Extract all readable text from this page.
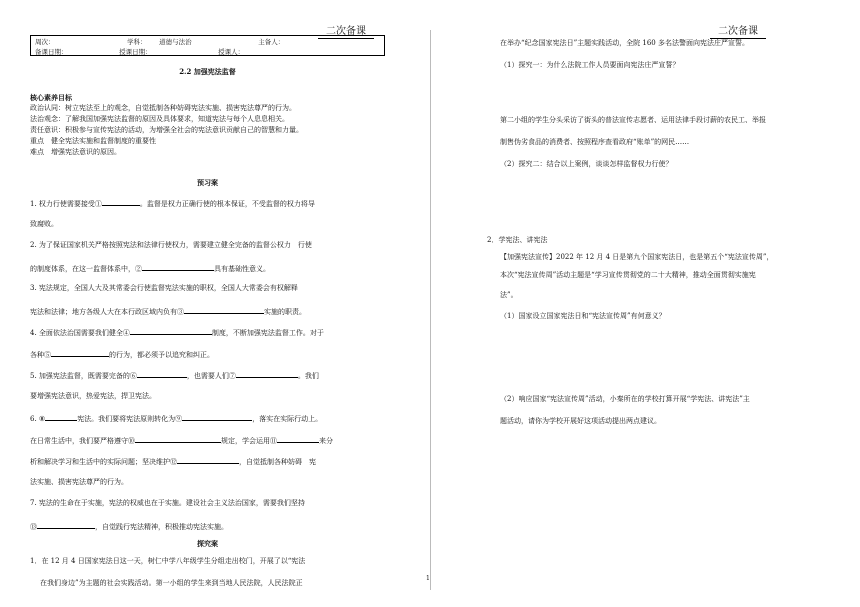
二次备课	二次备课
周次：	学科： 道德与法治	主备人：
备课日期：	授课日期：	授课人：
2.2 加强宪法监督
核心素养目标
政治认同：树立宪法至上的观念，自觉抵制各种妨碍宪法实施、损害宪法尊严的行为。
法治观念：了解我国加强宪法监督的原因及具体要求，知道宪法与每个人息息相关。
责任意识：积极参与宣传宪法的活动，为增强全社会的宪法意识贡献自己的智慧和力量。
重点　健全宪法实施和监督制度的重要性
难点　增强宪法意识的原因。
预习案
1. 权力行使需要接受①	。监督是权力正确行使的根本保证，不受监督的权力将导
致腐败。
2. 为了保证国家机关严格按照宪法和法律行使权力，需要建立健全完备的监督公权力　行使
的制度体系，在这一监督体系中，②	具有基础性意义。
3. 宪法规定，全国人大及其常委会行使监督宪法实施的职权，全国人大常委会有权解释
宪法和法律；地方各级人大在本行政区域内负有③	实施的职责。
4. 全面依法治国需要我们健全④	制度，不断加强宪法监督工作。对于
各种⑤	的行为，都必须予以追究和纠正。
5. 加强宪法监督，既需要完备的⑥	，也需要人们⑦	。我们
要增强宪法意识，热爱宪法，捍卫宪法。
6. ⑧	宪法。我们要将宪法原则转化为⑨	，落实在实际行动上。
在日常生活中，我们要严格遵守⑩	规定，学会运用⑪	来分
析和解决学习和生活中的实际问题；坚决维护⑫	，自觉抵制各种妨碍　宪
法实施、损害宪法尊严的行为。
7. 宪法的生命在于实施，宪法的权威也在于实施。建设社会主义法治国家，需要我们坚持
⑬	，自觉践行宪法精神，积极推动宪法实施。
探究案
1．在 12 月 4 日国家宪法日这一天，树仁中学八年级学生分组走出校门，开展了以“宪法
在我们身边”为主题的社会实践活动。第一小组的学生来到当地人民法院，人民法院正
1
在举办“纪念国家宪法日”主题实践活动，全院 160 多名法警面向宪法庄严宣誓。
（1）探究一：为什么法院工作人员要面向宪法庄严宣誓？
第二小组的学生分头采访了街头的普法宣传志愿者、运用法律手段讨薪的农民工、举报
制售伪劣食品的消费者、按照程序查看政府“账单”的网民……
（2）探究二：结合以上案例，谈谈怎样监督权力行使？
2．学宪法、讲宪法
【加强宪法宣传】2022 年 12 月 4 日是第九个国家宪法日，也是第五个“宪法宣传周”，
本次“宪法宣传周”活动主题是“学习宣传贯彻党的二十大精神，推动全面贯彻实施宪
法”。
（1）国家设立国家宪法日和“宪法宣传周”有何意义？
（2）响应国家“宪法宣传周”活动，小秦所在的学校打算开展“学宪法、讲宪法”主
题活动，请你为学校开展好这项活动提出两点建议。
